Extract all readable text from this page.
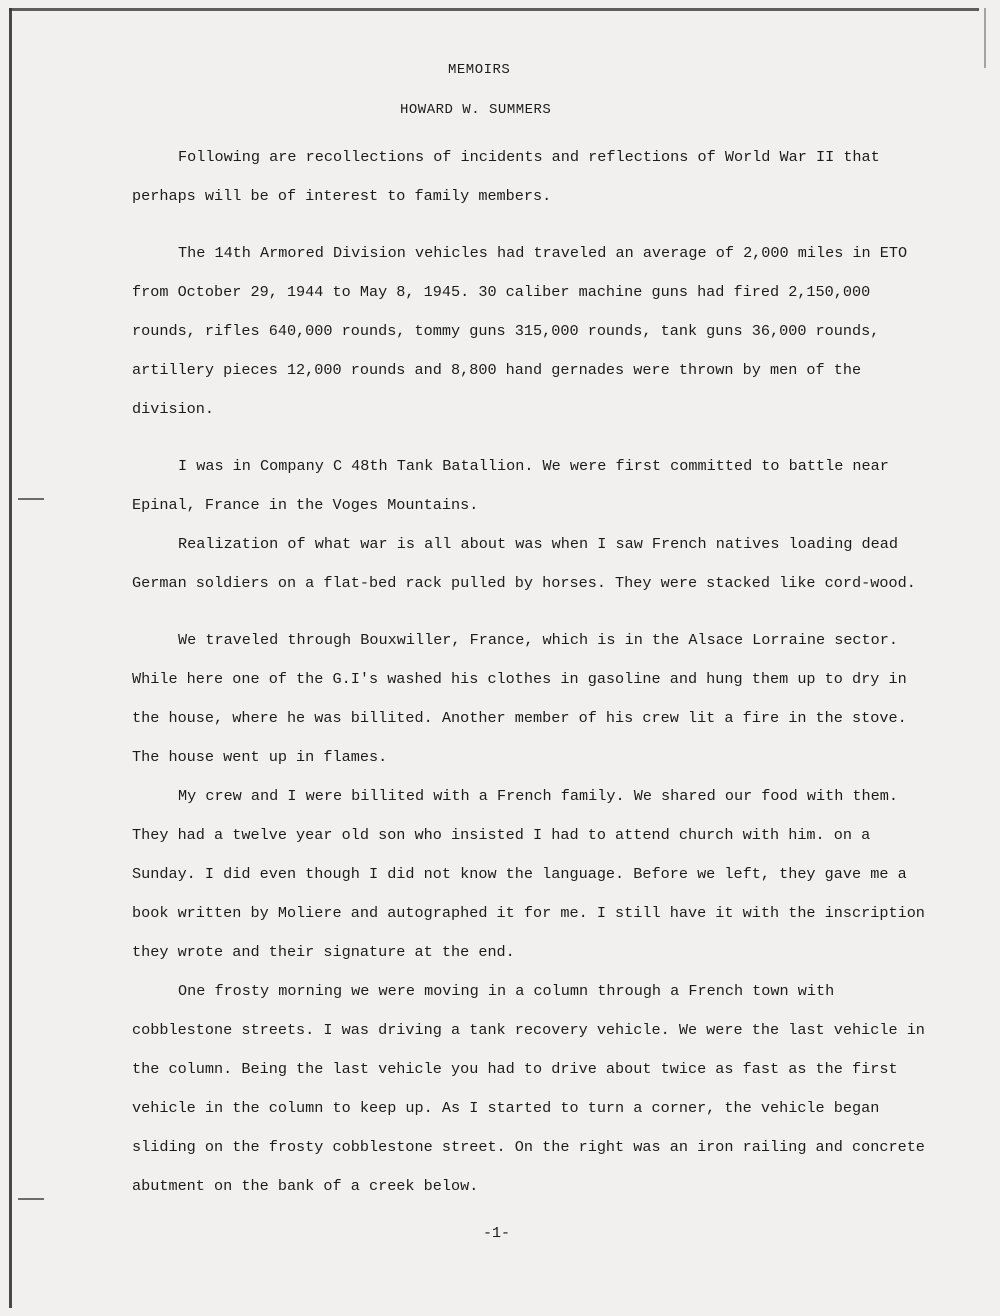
MEMOIRS
HOWARD W. SUMMERS

Following are recollections of incidents and reflections of World War II that perhaps will be of interest to family members.

The 14th Armored Division vehicles had traveled an average of 2,000 miles in ETO from October 29, 1944 to May 8, 1945. 30 caliber machine guns had fired 2,150,000 rounds, rifles 640,000 rounds, tommy guns 315,000 rounds, tank guns 36,000 rounds, artillery pieces 12,000 rounds and 8,800 hand gernades were thrown by men of the division.

I was in Company C 48th Tank Batallion. We were first committed to battle near Epinal, France in the Voges Mountains.

Realization of what war is all about was when I saw French natives loading dead German soldiers on a flat-bed rack pulled by horses. They were stacked like cord-wood.

We traveled through Bouxwiller, France, which is in the Alsace Lorraine sector. While here one of the G.I's washed his clothes in gasoline and hung them up to dry in the house, where he was billited. Another member of his crew lit a fire in the stove. The house went up in flames.

My crew and I were billited with a French family. We shared our food with them. They had a twelve year old son who insisted I had to attend church with him. on a Sunday. I did even though I did not know the language. Before we left, they gave me a book written by Moliere and autographed it for me. I still have it with the inscription they wrote and their signature at the end.

One frosty morning we were moving in a column through a French town with cobblestone streets. I was driving a tank recovery vehicle. We were the last vehicle in the column. Being the last vehicle you had to drive about twice as fast as the first vehicle in the column to keep up. As I started to turn a corner, the vehicle began sliding on the frosty cobblestone street. On the right was an iron railing and concrete abutment on the bank of a creek below.

-1-
